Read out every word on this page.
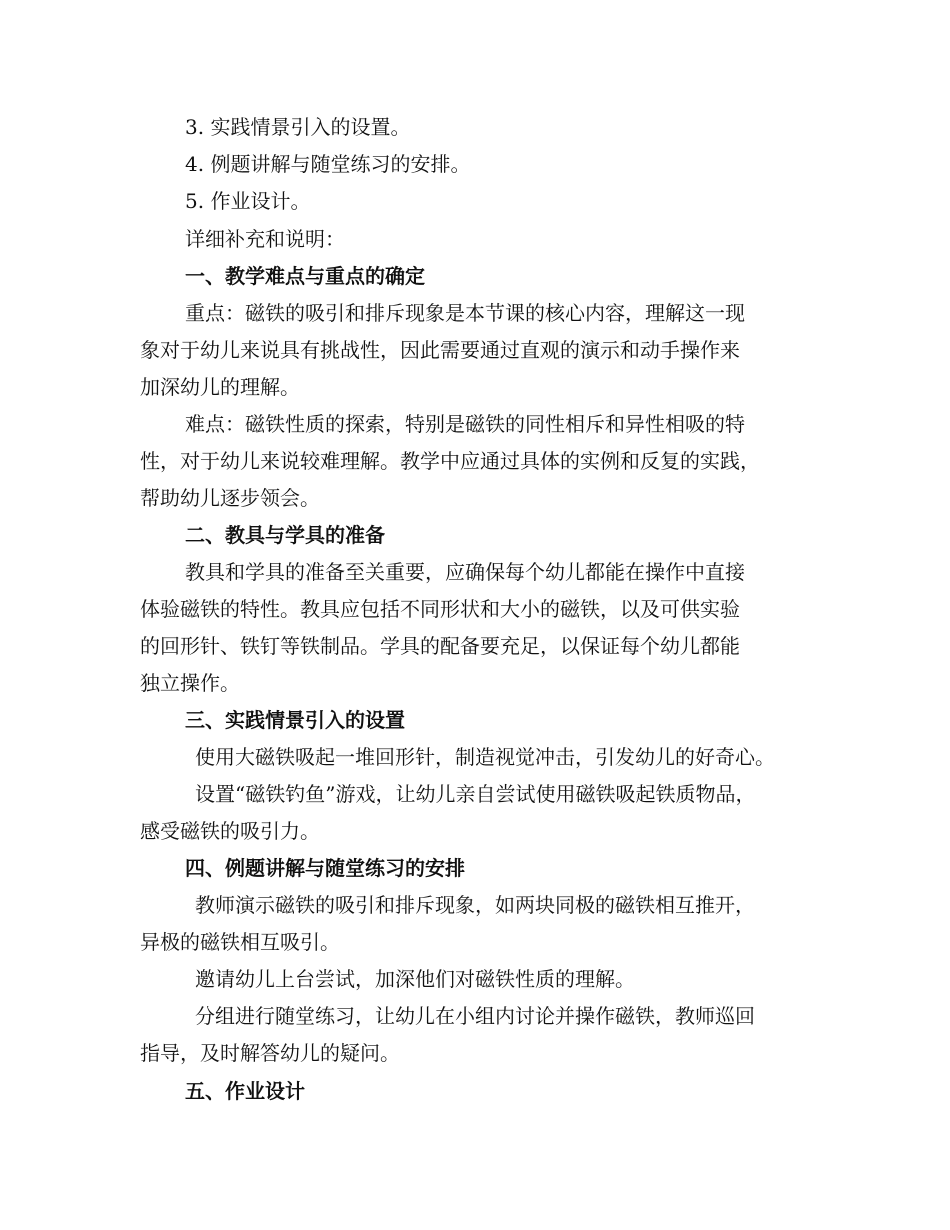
3. 实践情景引入的设置。

4. 例题讲解与随堂练习的安排。

5. 作业设计。

详细补充和说明：

一、教学难点与重点的确定

重点：磁铁的吸引和排斥现象是本节课的核心内容，理解这一现

象对于幼儿来说具有挑战性，因此需要通过直观的演示和动手操作来

加深幼儿的理解。

难点：磁铁性质的探索，特别是磁铁的同性相斥和异性相吸的特

性，对于幼儿来说较难理解。教学中应通过具体的实例和反复的实践，

帮助幼儿逐步领会。

二、教具与学具的准备

教具和学具的准备至关重要，应确保每个幼儿都能在操作中直接

体验磁铁的特性。教具应包括不同形状和大小的磁铁，以及可供实验

的回形针、铁钉等铁制品。学具的配备要充足，以保证每个幼儿都能

独立操作。

三、实践情景引入的设置

使用大磁铁吸起一堆回形针，制造视觉冲击，引发幼儿的好奇心。

设置“磁铁钓鱼”游戏，让幼儿亲自尝试使用磁铁吸起铁质物品，

感受磁铁的吸引力。

四、例题讲解与随堂练习的安排

教师演示磁铁的吸引和排斥现象，如两块同极的磁铁相互推开，

异极的磁铁相互吸引。

邀请幼儿上台尝试，加深他们对磁铁性质的理解。

分组进行随堂练习，让幼儿在小组内讨论并操作磁铁，教师巡回

指导，及时解答幼儿的疑问。

五、作业设计
